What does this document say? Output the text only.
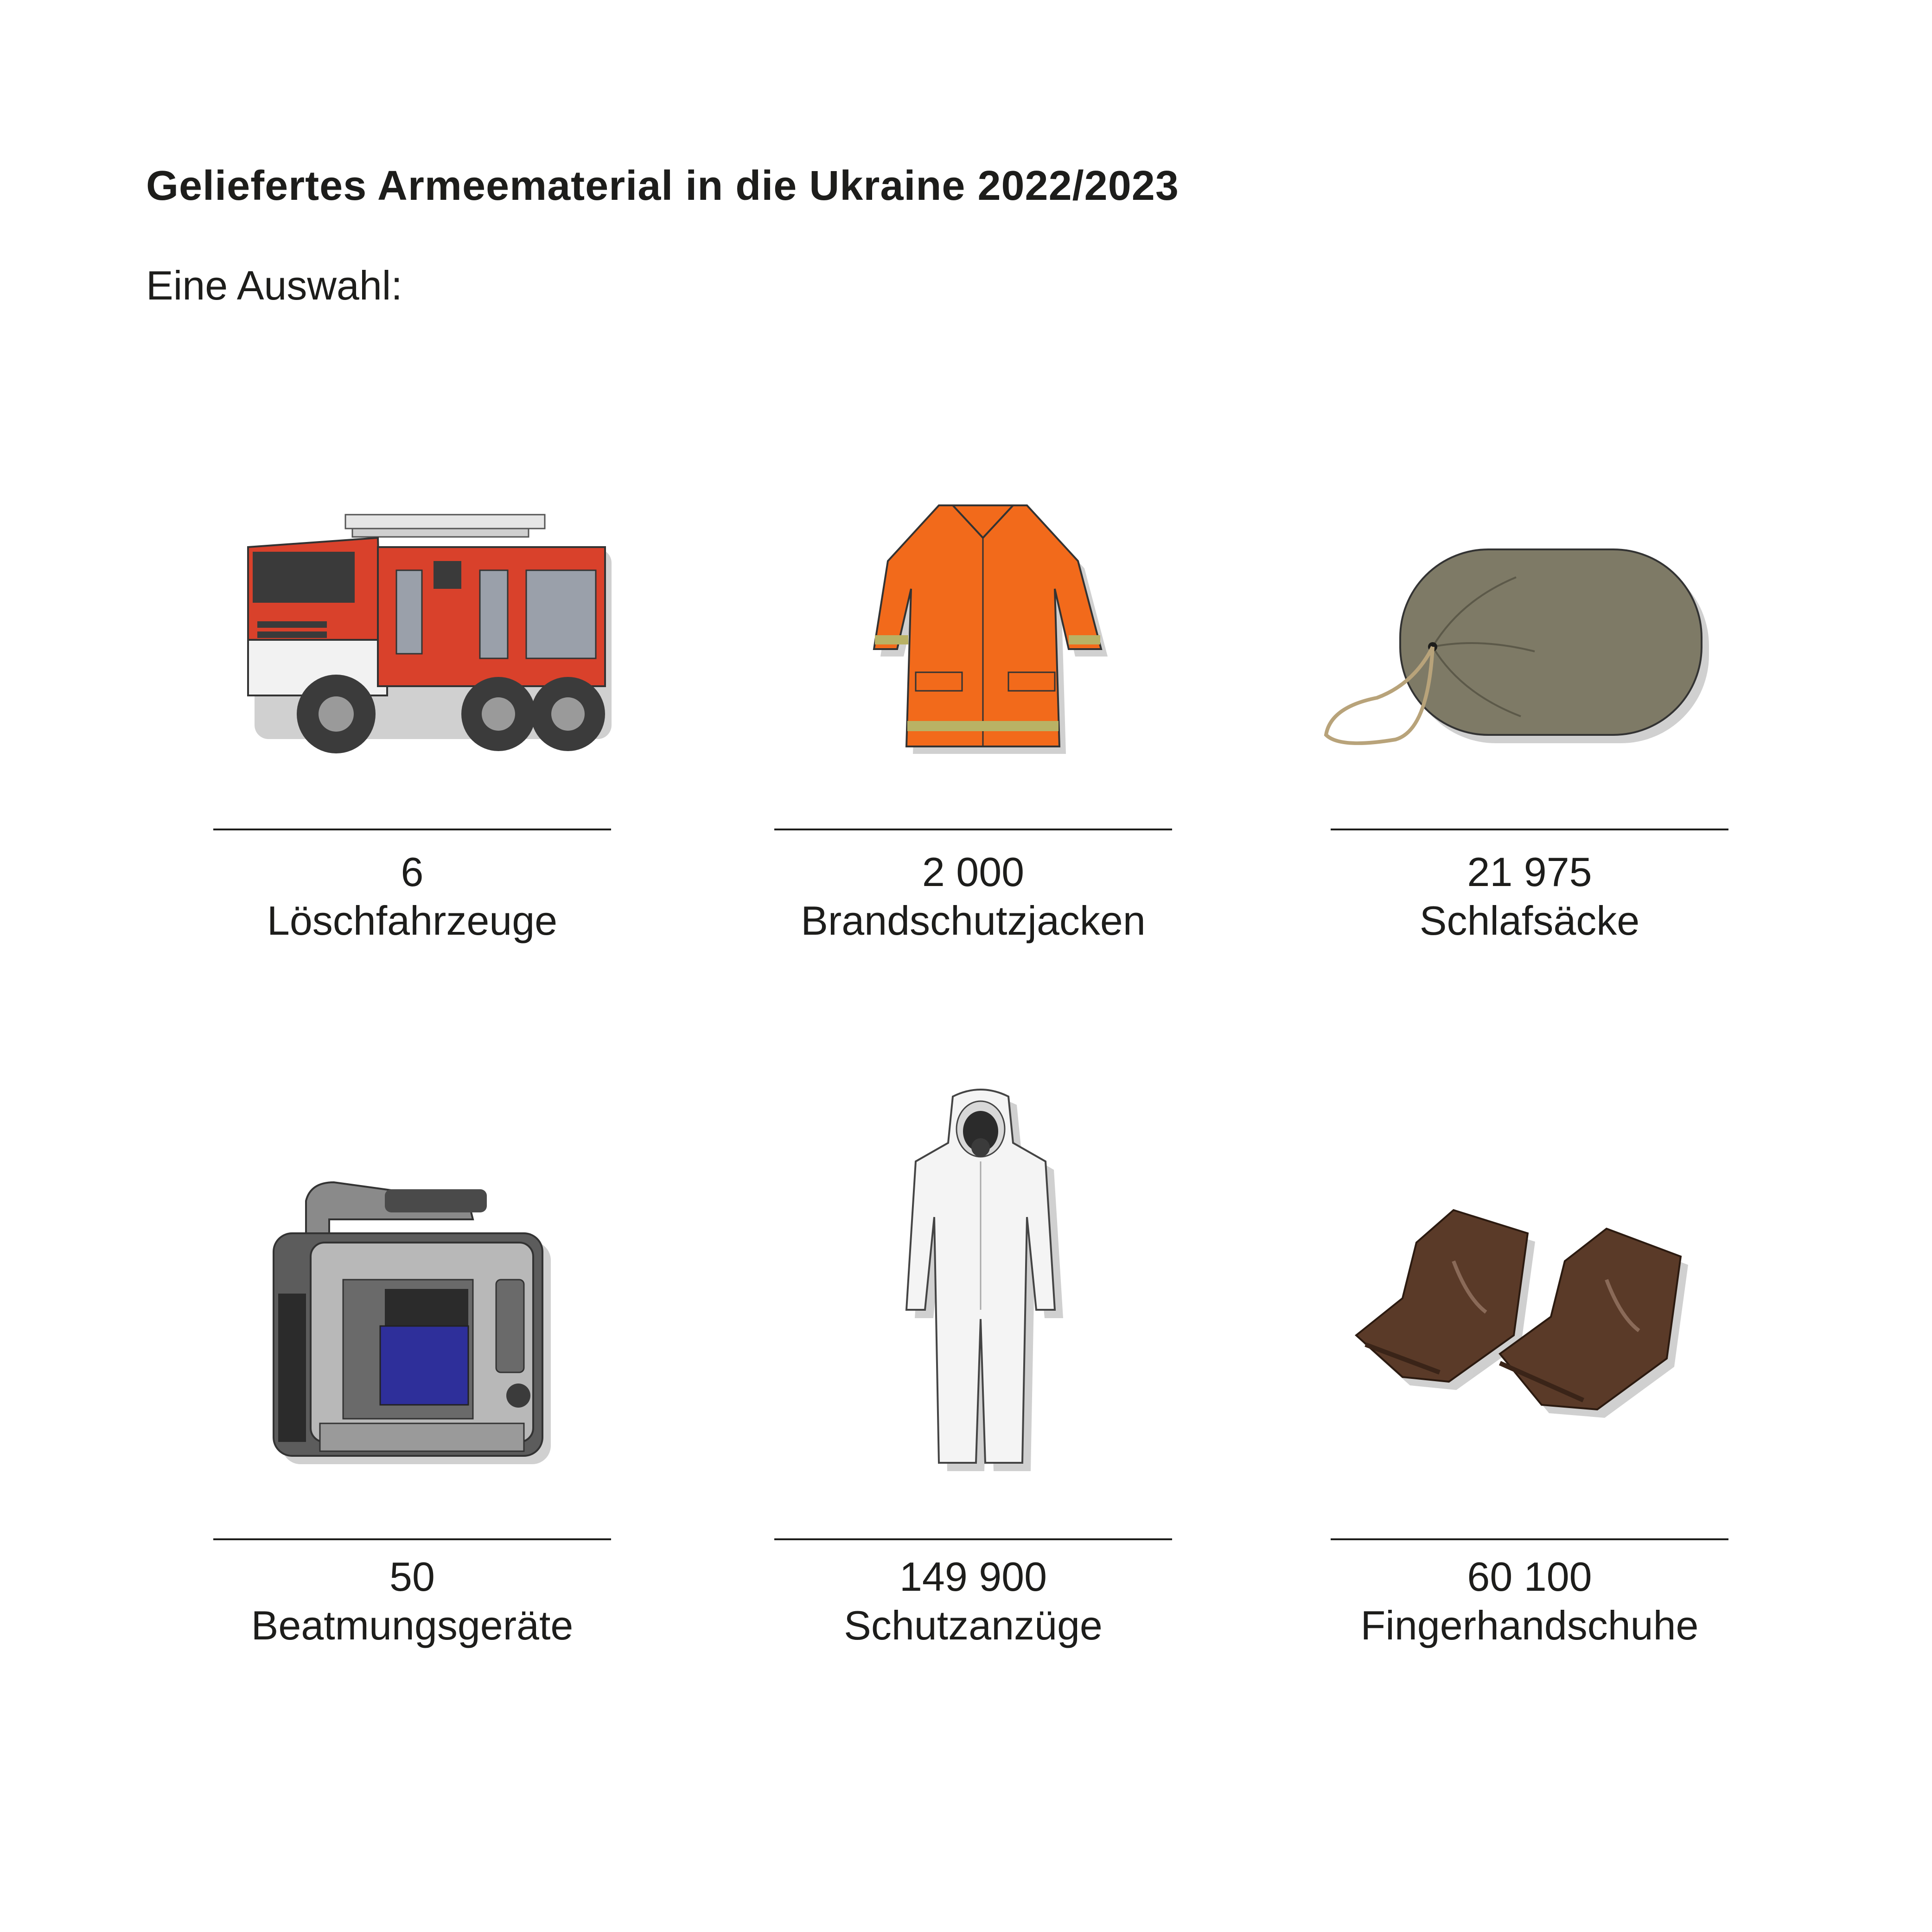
Geliefertes Armeematerial in die Ukraine 2022/2023
Eine Auswahl:
6
Löschfahrzeuge
2 000
Brandschutzjacken
21 975
Schlafsäcke
50
Beatmungsgeräte
149 900
Schutzanzüge
60 100
Fingerhandschuhe
